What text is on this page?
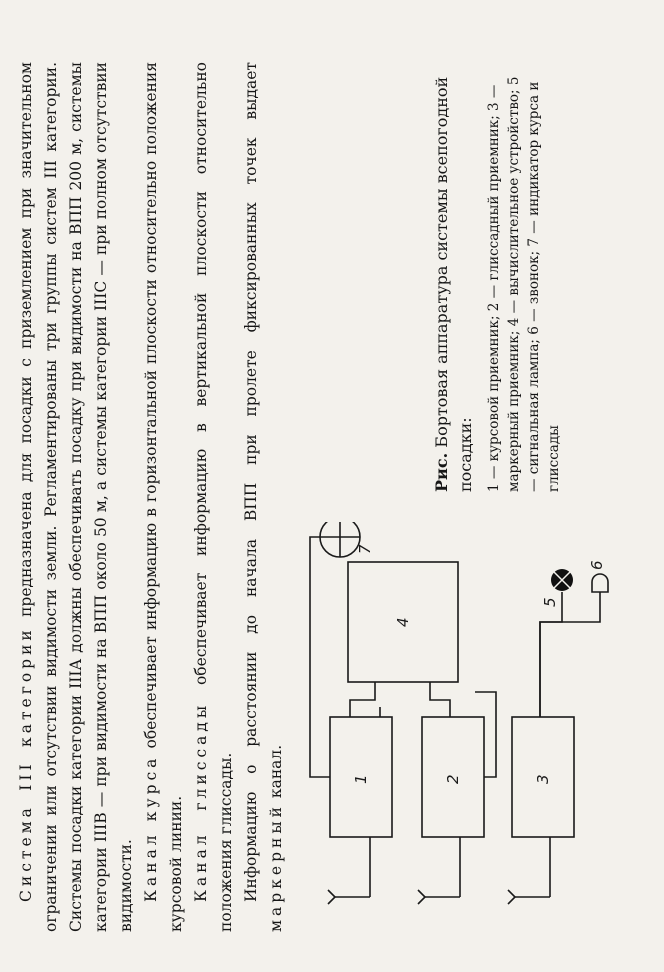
Система III категории предназначена для посадки с приземлением при значительном ограничении или отсутствии видимости земли. Регламентированы три группы систем III категории. Системы посадки категории IIIА должны обеспечивать посадку при видимости на ВПП 200 м, системы категории IIIВ — при видимости на ВПП около 50 м, а системы категории IIIС — при полном отсутствии видимости. Канал курса обеспечивает информацию в горизонтальной плоскости относительно положения курсовой линии. Канал глиссады обеспечивает информацию в вертикальной плоскости относительно положения глиссады. Информацию о расстоянии до начала ВПП при пролете фиксированных точек выдает маркерный канал.	1	2	3
4
5
6
7
Рис. Бортовая аппаратура системы всепогодной посадки: 1 — курсовой приемник; 2 — глиссадный приемник; 3 — маркерный приемник; 4 — вычислительное устройство; 5 — сигнальная лампа; 6 — звонок; 7 — индикатор курса и глиссады
